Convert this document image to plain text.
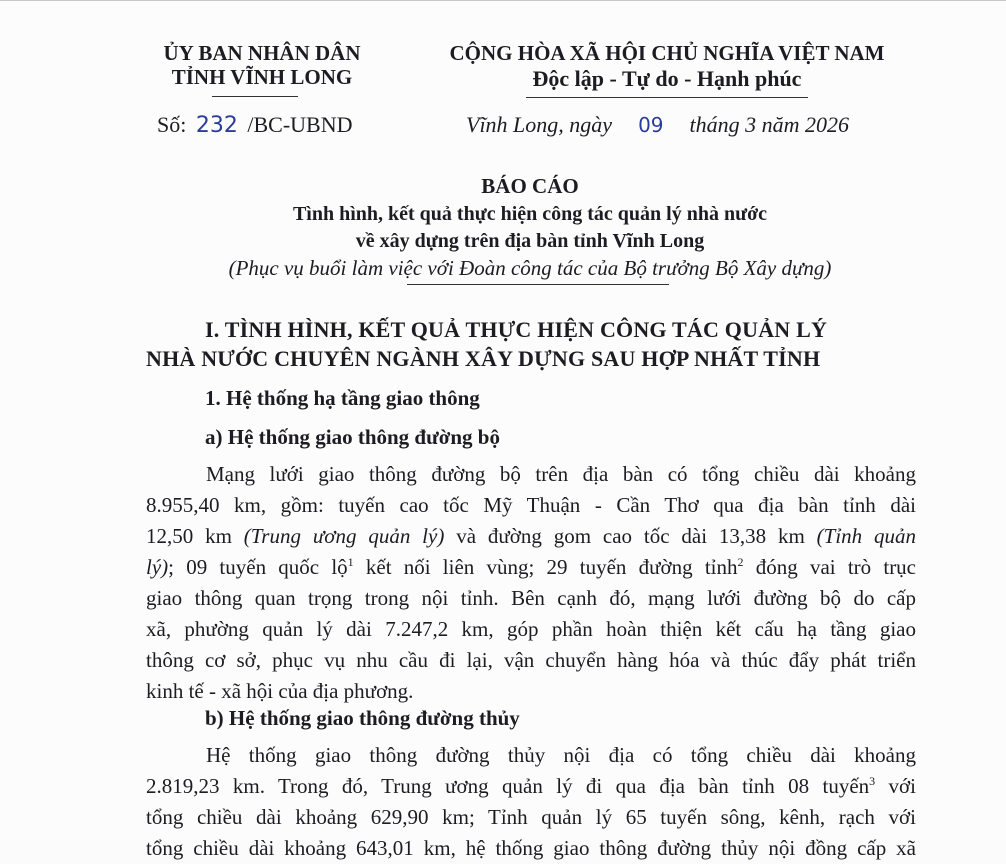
ỦY BAN NHÂN DÂN
TỈNH VĨNH LONG
Số: 232 /BC-UBND
CỘNG HÒA XÃ HỘI CHỦ NGHĨA VIỆT NAM
Độc lập - Tự do - Hạnh phúc
Vĩnh Long, ngày 09 tháng 3 năm 2026
BÁO CÁO
Tình hình, kết quả thực hiện công tác quản lý nhà nước
về xây dựng trên địa bàn tỉnh Vĩnh Long
(Phục vụ buổi làm việc với Đoàn công tác của Bộ trưởng Bộ Xây dựng)
I. TÌNH HÌNH, KẾT QUẢ THỰC HIỆN CÔNG TÁC QUẢN LÝ
NHÀ NƯỚC CHUYÊN NGÀNH XÂY DỰNG SAU HỢP NHẤT TỈNH
1. Hệ thống hạ tầng giao thông
a) Hệ thống giao thông đường bộ
Mạng lưới giao thông đường bộ trên địa bàn có tổng chiều dài khoảng
8.955,40 km, gồm: tuyến cao tốc Mỹ Thuận - Cần Thơ qua địa bàn tỉnh dài
12,50 km (Trung ương quản lý) và đường gom cao tốc dài 13,38 km (Tỉnh quản
lý); 09 tuyến quốc lộ$^1$ kết nối liên vùng; 29 tuyến đường tỉnh$^2$ đóng vai trò trục
giao thông quan trọng trong nội tỉnh. Bên cạnh đó, mạng lưới đường bộ do cấp
xã, phường quản lý dài 7.247,2 km, góp phần hoàn thiện kết cấu hạ tầng giao
thông cơ sở, phục vụ nhu cầu đi lại, vận chuyển hàng hóa và thúc đẩy phát triển
kinh tế - xã hội của địa phương.
b) Hệ thống giao thông đường thủy
Hệ thống giao thông đường thủy nội địa có tổng chiều dài khoảng
2.819,23 km. Trong đó, Trung ương quản lý đi qua địa bàn tỉnh 08 tuyến$^3$ với
tổng chiều dài khoảng 629,90 km; Tỉnh quản lý 65 tuyến sông, kênh, rạch với
tổng chiều dài khoảng 643,01 km, hệ thống giao thông đường thủy nội đồng cấp xã
